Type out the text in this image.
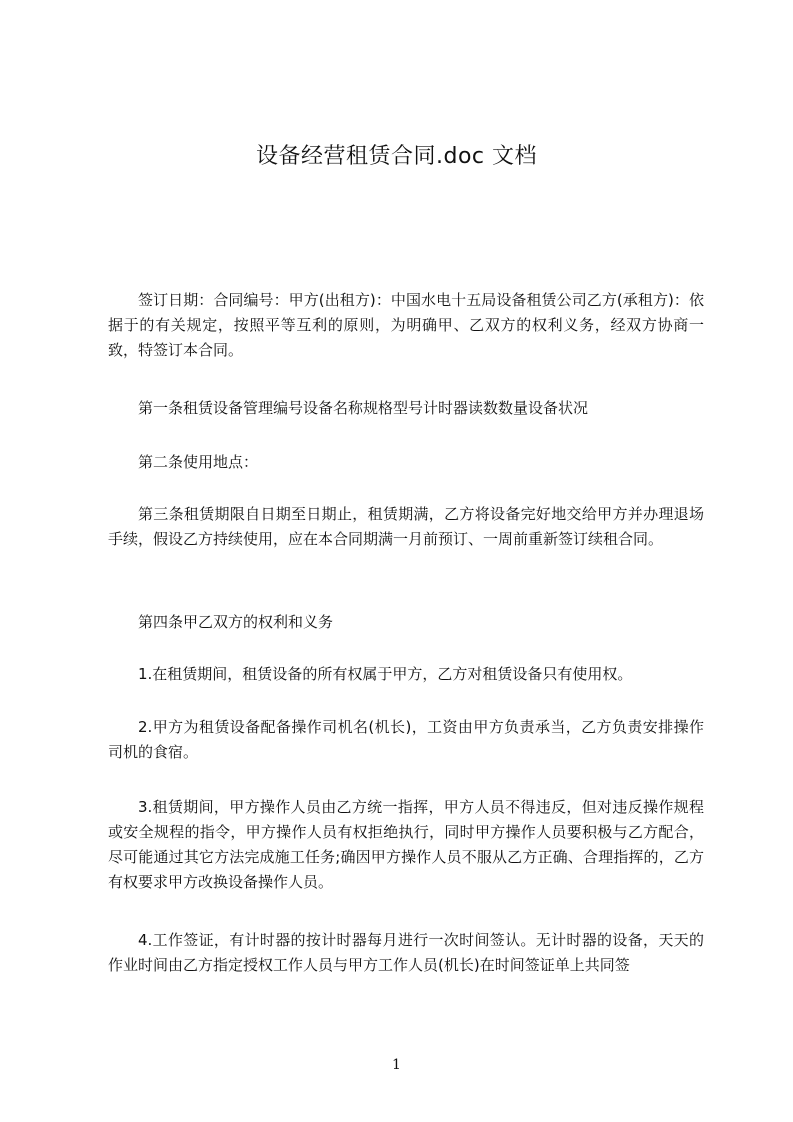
设备经营租赁合同.doc 文档

签订日期：合同编号：甲方(出租方)：中国水电十五局设备租赁公司乙方(承租方)：依据于的有关规定，按照平等互利的原则，为明确甲、乙双方的权利义务，经双方协商一致，特签订本合同。

第一条租赁设备管理编号设备名称规格型号计时器读数数量设备状况

第二条使用地点：

第三条租赁期限自日期至日期止，租赁期满，乙方将设备完好地交给甲方并办理退场手续，假设乙方持续使用，应在本合同期满一月前预订、一周前重新签订续租合同。

第四条甲乙双方的权利和义务

1.在租赁期间，租赁设备的所有权属于甲方，乙方对租赁设备只有使用权。

2.甲方为租赁设备配备操作司机名(机长)，工资由甲方负责承当，乙方负责安排操作司机的食宿。

3.租赁期间，甲方操作人员由乙方统一指挥，甲方人员不得违反，但对违反操作规程或安全规程的指令，甲方操作人员有权拒绝执行，同时甲方操作人员要积极与乙方配合，尽可能通过其它方法完成施工任务;确因甲方操作人员不服从乙方正确、合理指挥的，乙方有权要求甲方改换设备操作人员。

4.工作签证，有计时器的按计时器每月进行一次时间签认。无计时器的设备，天天的作业时间由乙方指定授权工作人员与甲方工作人员(机长)在时间签证单上共同签

1
